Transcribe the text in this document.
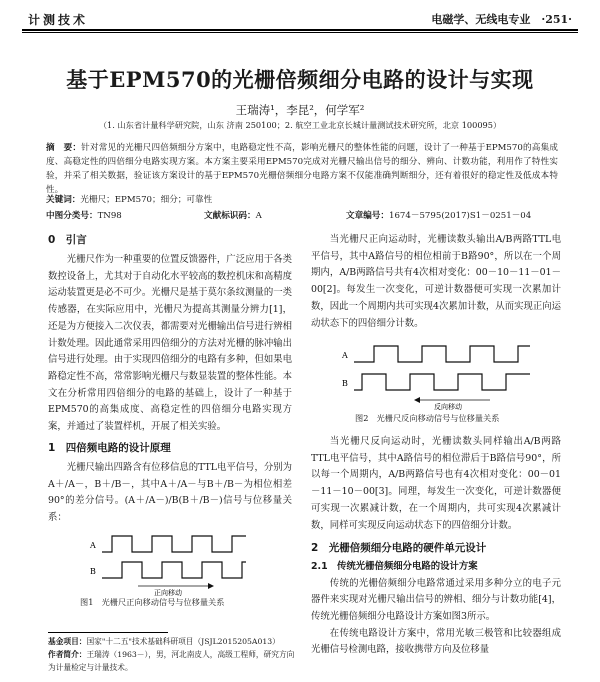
计测技术	电磁学、无线电专业　·251·
基于EPM570的光栅倍频细分电路的设计与实现
王瑞涛¹，李昆²，何学军²
（1. 山东省计量科学研究院，山东 济南 250100；2. 航空工业北京长城计量测试技术研究所，北京 100095）
摘　要：针对常见的光栅尺四倍频细分方案中，电路稳定性不高，影响光栅尺的整体性能的问题，设计了一种基于EPM570的高集成度、高稳定性的四倍细分电路实现方案。本方案主要采用EPM570完成对光栅尺输出信号的细分、辨向、计数功能，利用作了特性实验，并采了相关数据，验证该方案设计的基于EPM570光栅倍频细分电路方案不仅能准确判断细分，还有着很好的稳定性及低成本特性。
关键词：光栅尺；EPM570；细分；可靠性
中图分类号：TN98	文献标识码：A	文章编号：1674－5795(2017)S1－0251－04
0　引言

光栅尺作为一种重要的位置反馈器件，广泛应用于各类数控设备上，尤其对于自动化水平较高的数控机床和高精度运动装置更是必不可少。光栅尺是基于莫尔条纹测量的一类传感器，在实际应用中，光栅尺为提高其测量分辨力[1]，还是为方便接入二次仪表，都需要对光栅输出信号进行辨相计数处理。因此通常采用四倍细分的方法对光栅的脉冲输出信号进行处理。由于实现四倍细分的电路有多种，但如果电路稳定性不高，常常影响光栅尺与数显装置的整体性能。本文在分析常用四倍细分的电路的基础上，设计了一种基于EPM570的高集成度、高稳定性的四倍细分电路实现方案，并通过了装置样机，开展了相关实验。

1　四倍频电路的设计原理

光栅尺输出四路含有位移信息的TTL电平信号，分别为A＋/A－，B＋/B－，其中A＋/A－与B＋/B－为相位相差90°的差分信号。(A＋/A－)/B(B＋/B－)信号与位移量关系：

A
B
正向移动
图1　光栅尺正向移动信号与位移量关系

当光栅尺正向运动时，光栅读数头输出A/B两路TTL电平信号，其中A路信号的相位相前于B路90°，所以在一个周期内，A/B两路信号共有4次相对变化：00－10－11－01－00[2]。每发生一次变化，可逆计数器便可实现一次累加计数，因此一个周期内共可实现4次累加计数，从而实现正向运动状态下的四倍细分计数。

A
B
反向移动
图2　光栅尺反向移动信号与位移量关系

当光栅尺反向运动时，光栅读数头同样输出A/B两路TTL电平信号，其中A路信号的相位滞后于B路信号90°，所以每一个周期内，A/B两路信号也有4次相对变化：00－01－11－10－00[3]。同理，每发生一次变化，可逆计数器便可实现一次累减计数，在一个周期内，共可实现4次累减计数，同样可实现反向运动状态下的四倍细分计数。

2　光栅倍频细分电路的硬件单元设计
2.1　传统光栅倍频细分电路的设计方案

传统的光栅倍频细分电路常通过采用多种分立的电子元器件来实现对光栅尺输出信号的辨相、细分与计数功能[4]，传统光栅倍频细分电路设计方案如图3所示。

在传统电路设计方案中，常用光敏三极管和比较器组成光栅信号检测电路，接收携带方向及位移量

基金项目：国家"十二五"技术基础科研项目（JSJL2015205A013）
作者简介：王瑞涛（1963－），男，河北南皮人，高级工程师，研究方向为计量检定与计量技术。
